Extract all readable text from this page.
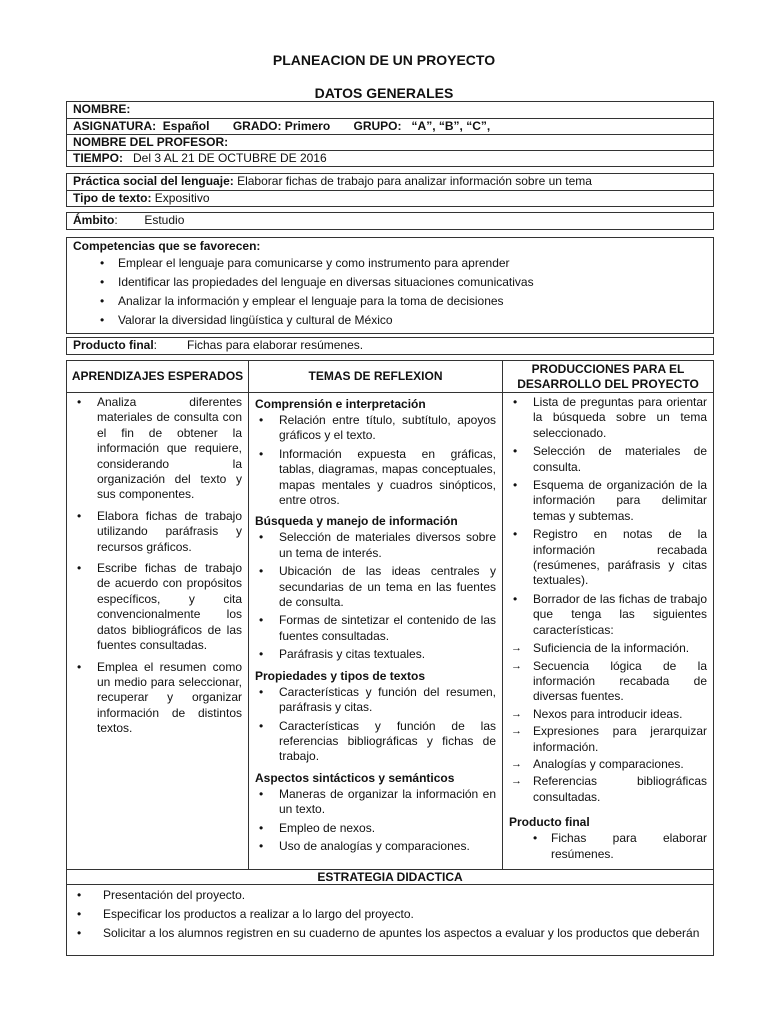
PLANEACION DE UN PROYECTO
DATOS GENERALES
NOMBRE:
ASIGNATURA: Español GRADO: Primero GRUPO: “A”, “B”, “C”,
NOMBRE DEL PROFESOR:
TIEMPO: Del 3 AL 21 DE OCTUBRE DE 2016
Práctica social del lenguaje: Elaborar fichas de trabajo para analizar información sobre un tema
Tipo de texto: Expositivo
Ámbito:        Estudio
Competencias que se favorecen:
• Emplear el lenguaje para comunicarse y como instrumento para aprender
• Identificar las propiedades del lenguaje en diversas situaciones comunicativas
• Analizar la información y emplear el lenguaje para la toma de decisiones
• Valorar la diversidad lingüística y cultural de México
Producto final:         Fichas para elaborar resúmenes.
APRENDIZAJES ESPERADOS	TEMAS DE REFLEXION
PRODUCCIONES PARA EL DESARROLLO DEL PROYECTO
• Analiza diferentes materiales de consulta con el fin de obtener la información que requiere, considerando la organización del texto y sus componentes.
• Elabora fichas de trabajo utilizando paráfrasis y recursos gráficos.
• Escribe fichas de trabajo de acuerdo con propósitos específicos, y cita convencionalmente los datos bibliográficos de las fuentes consultadas.
• Emplea el resumen como un medio para seleccionar, recuperar y organizar información de distintos textos.
Comprensión e interpretación
• Relación entre título, subtítulo, apoyos gráficos y el texto.
• Información expuesta en gráficas, tablas, diagramas, mapas conceptuales, mapas mentales y cuadros sinópticos, entre otros.
Búsqueda y manejo de información
• Selección de materiales diversos sobre un tema de interés.
• Ubicación de las ideas centrales y secundarias de un tema en las fuentes de consulta.
• Formas de sintetizar el contenido de las fuentes consultadas.
• Paráfrasis y citas textuales.
Propiedades y tipos de textos
• Características y función del resumen, paráfrasis y citas.
• Características y función de las referencias bibliográficas y fichas de trabajo.
Aspectos sintácticos y semánticos
• Maneras de organizar la información en un texto.
• Empleo de nexos.
• Uso de analogías y comparaciones.
• Lista de preguntas para orientar la búsqueda sobre un tema seleccionado.
• Selección de materiales de consulta.
• Esquema de organización de la información para delimitar temas y subtemas.
• Registro en notas de la información recabada (resúmenes, paráfrasis y citas textuales).
• Borrador de las fichas de trabajo que tenga las siguientes características:
→ Suficiencia de la información.
→ Secuencia lógica de la información recabada de diversas fuentes.
→ Nexos para introducir ideas.
→ Expresiones para jerarquizar información.
→ Analogías y comparaciones.
→ Referencias bibliográficas consultadas.
Producto final
• Fichas para elaborar resúmenes.
ESTRATEGIA DIDACTICA
• Presentación del proyecto.
• Especificar los productos a realizar a lo largo del proyecto.
• Solicitar a los alumnos registren en su cuaderno de apuntes los aspectos a evaluar y los productos que deberán
